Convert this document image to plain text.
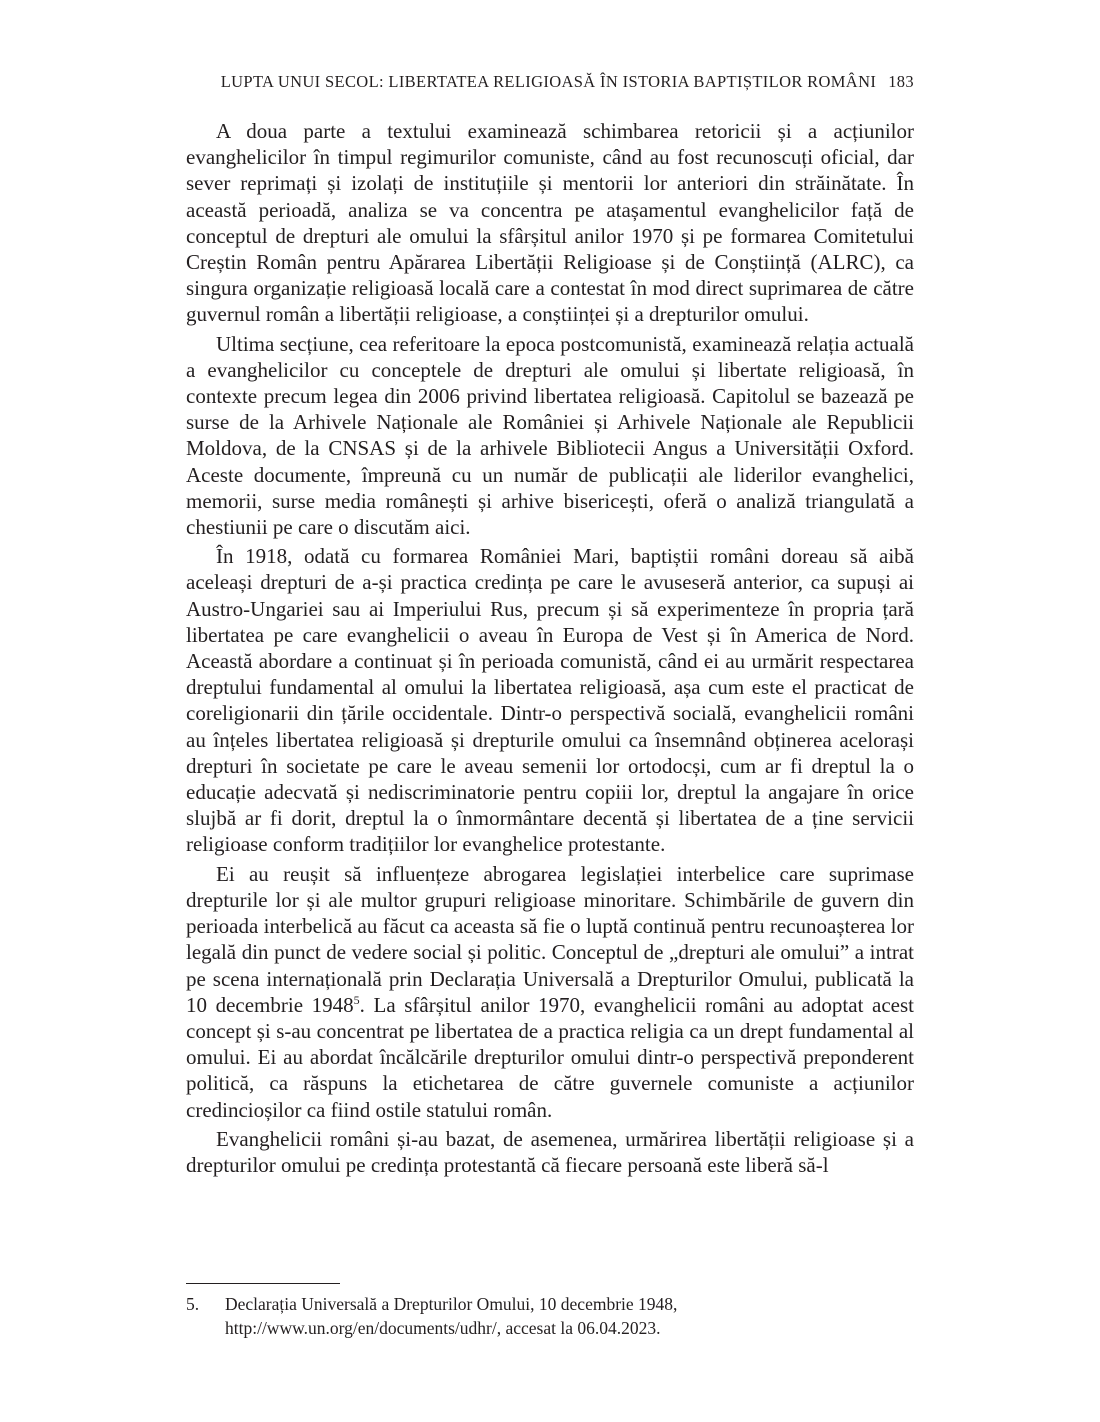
LUPTA UNUI SECOL: LIBERTATEA RELIGIOASĂ ÎN ISTORIA BAPTIȘTILOR ROMÂNI 183

A doua parte a textului examinează schimbarea retoricii și a acțiunilor evanghelicilor în timpul regimurilor comuniste, când au fost recunoscuți oficial, dar sever reprimați și izolați de instituțiile și mentorii lor anteriori din străinătate. În această perioadă, analiza se va concentra pe atașamentul evanghelicilor față de conceptul de drepturi ale omului la sfârșitul anilor 1970 și pe formarea Comitetului Creștin Român pentru Apărarea Libertății Religioase și de Conștiință (ALRC), ca singura organizație religioasă locală care a contestat în mod direct suprimarea de către guvernul român a libertății religioase, a conștiinței și a drepturilor omului.

Ultima secțiune, cea referitoare la epoca postcomunistă, examinează relația actuală a evanghelicilor cu conceptele de drepturi ale omului și libertate religioasă, în contexte precum legea din 2006 privind libertatea religioasă. Capitolul se bazează pe surse de la Arhivele Naționale ale României și Arhivele Naționale ale Republicii Moldova, de la CNSAS și de la arhivele Bibliotecii Angus a Universității Oxford. Aceste documente, împreună cu un număr de publicații ale liderilor evanghelici, memorii, surse media românești și arhive bisericești, oferă o analiză triangulată a chestiunii pe care o discutăm aici.

În 1918, odată cu formarea României Mari, baptiștii români doreau să aibă aceleași drepturi de a-și practica credința pe care le avuseseră anterior, ca supuși ai Austro-Ungariei sau ai Imperiului Rus, precum și să experimenteze în propria țară libertatea pe care evanghelicii o aveau în Europa de Vest și în America de Nord. Această abordare a continuat și în perioada comunistă, când ei au urmărit respectarea dreptului fundamental al omului la libertatea religioasă, așa cum este el practicat de coreligionarii din țările occidentale. Dintr-o perspectivă socială, evanghelicii români au înțeles libertatea religioasă și drepturile omului ca însemnând obținerea acelorași drepturi în societate pe care le aveau semenii lor ortodocși, cum ar fi dreptul la o educație adecvată și nediscriminatorie pentru copiii lor, dreptul la angajare în orice slujbă ar fi dorit, dreptul la o înmormântare decentă și libertatea de a ține servicii religioase conform tradițiilor lor evanghelice protestante.

Ei au reușit să influențeze abrogarea legislației interbelice care suprimase drepturile lor și ale multor grupuri religioase minoritare. Schimbările de guvern din perioada interbelică au făcut ca aceasta să fie o luptă continuă pentru recunoașterea lor legală din punct de vedere social și politic. Conceptul de „drepturi ale omului” a intrat pe scena internațională prin Declarația Universală a Drepturilor Omului, publicată la 10 decembrie 1948$^5$. La sfârșitul anilor 1970, evanghelicii români au adoptat acest concept și s-au concentrat pe libertatea de a practica religia ca un drept fundamental al omului. Ei au abordat încălcările drepturilor omului dintr-o perspectivă preponderent politică, ca răspuns la etichetarea de către guvernele comuniste a acțiunilor credincioșilor ca fiind ostile statului român.

Evanghelicii români și-au bazat, de asemenea, urmărirea libertății religioase și a drepturilor omului pe credința protestantă că fiecare persoană este liberă să-l

5. Declarația Universală a Drepturilor Omului, 10 decembrie 1948, http://www.un.org/en/documents/udhr/, accesat la 06.04.2023.
